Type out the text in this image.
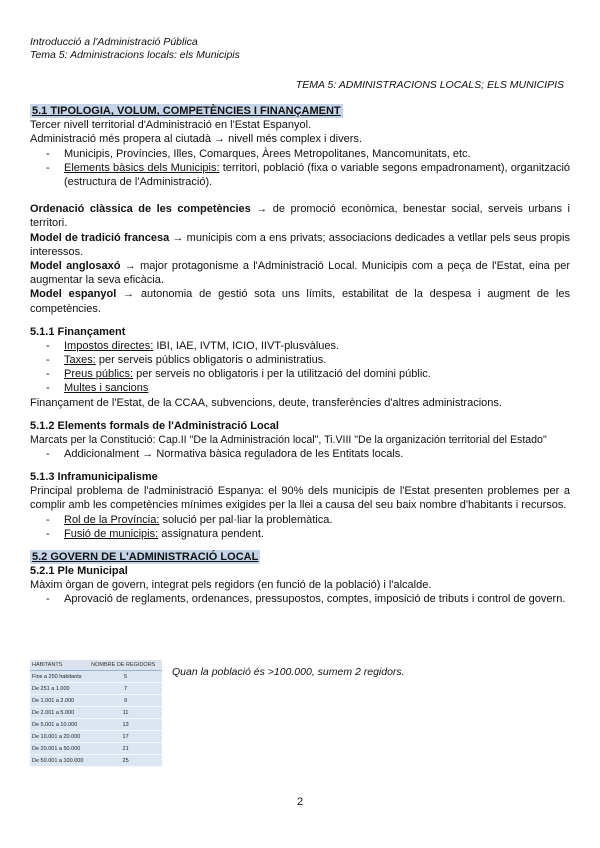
Introducció a l'Administració Pública

Tema 5: Administracions locals: els Municipis

TEMA 5: ADMINISTRACIONS LOCALS; ELS MUNICIPIS

5.1 TIPOLOGIA, VOLUM, COMPETÈNCIES I FINANÇAMENT

Tercer nivell territorial d'Administració en l'Estat Espanyol.

Administració més propera al ciutadà → nivell més complex i divers.

- Municipis, Províncies, Illes, Comarques, Àrees Metropolitanes, Mancomunitats, etc.
- Elements bàsics dels Municipis: territori, població (fixa o variable segons empadronament), organització (estructura de l'Administració).

Ordenació clàssica de les competències → de promoció econòmica, benestar social, serveis urbans i territori.

Model de tradició francesa → municipis com a ens privats; associacions dedicades a vetllar pels seus propis interessos.

Model anglosaxó → major protagonisme a l'Administració Local. Municipis com a peça de l'Estat, eina per augmentar la seva eficàcia.

Model espanyol → autonomia de gestió sota uns límits, estabilitat de la despesa i augment de les competències.

5.1.1 Finançament

- Impostos directes: IBI, IAE, IVTM, ICIO, IIVT-plusvàlues.
- Taxes: per serveis públics obligatoris o administratius.
- Preus públics: per serveis no obligatoris i per la utilització del domini públic.
- Multes i sancions

Finançament de l'Estat, de la CCAA, subvencions, deute, transferències d'altres administracions.

5.1.2 Elements formals de l'Administració Local

Marcats per la Constitució: Cap.II "De la Administración local", Ti.VIII "De la organización territorial del Estado"

- Addicionalment → Normativa bàsica reguladora de les Entitats locals.

5.1.3 Inframunicipalisme

Principal problema de l'administració Espanya: el 90% dels municipis de l'Estat presenten problemes per a complir amb les competències mínimes exigides per la llei a causa del seu baix nombre d'habitants i recursos.

- Rol de la Província: solució per pal·liar la problemàtica.
- Fusió de municipis: assignatura pendent.
5.2 GOVERN DE L'ADMINISTRACIÓ LOCAL

5.2.1 Ple Municipal

Màxim òrgan de govern, integrat pels regidors (en funció de la població) i l'alcalde.

- Aprovació de reglaments, ordenances, pressupostos, comptes, imposició de tributs i control de govern.
HABITANTS	NOMBRE DE REGIDORS
Fins a 250 habitants	5
De 251 a 1.000	7
De 1.001 a 2.000	9
De 2.001 a 5.000	11
De 5.001 a 10.000	13
De 10.001 a 20.000	17
De 20.001 a 50.000	21
De 50.001 a 100.000	25
Quan la població és >100.000, sumem 2 regidors.
2
